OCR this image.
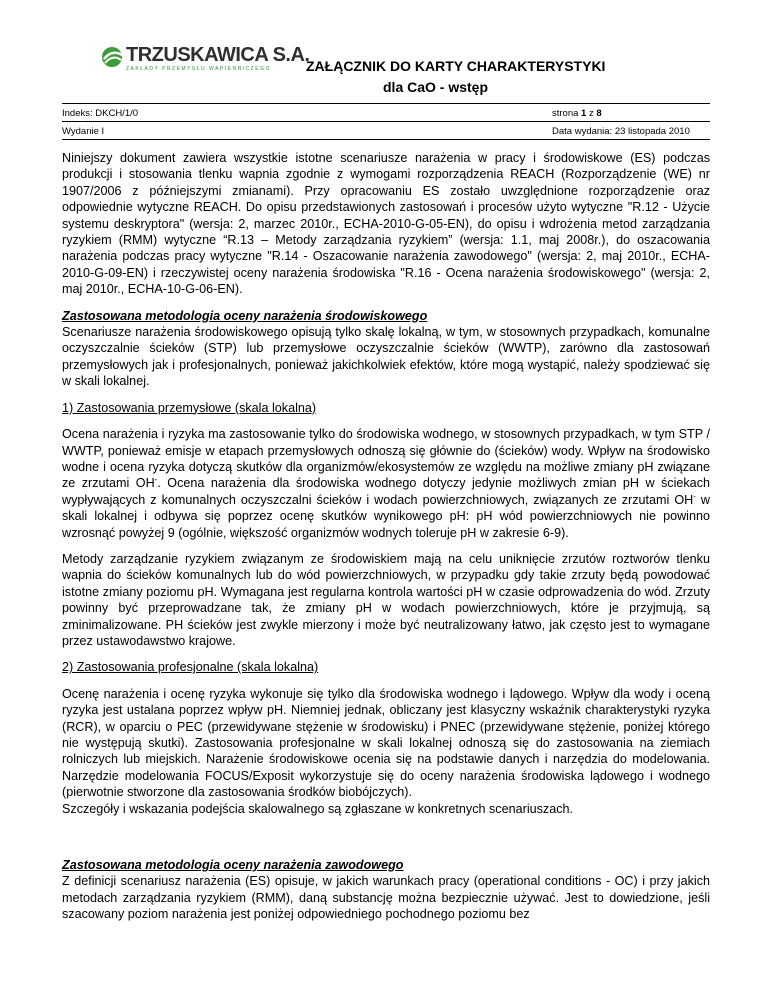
TRZUSKAWICA S.A.
ZAKŁADY PRZEMYSŁU WAPIENNICZEGO	ZAŁĄCZNIK DO KARTY CHARAKTERYSTYKI
dla CaO - wstęp
Indeks: DKCH/1/0	strona 1 z 8
Wydanie I	Data wydania: 23 listopada 2010

Niniejszy dokument zawiera wszystkie istotne scenariusze narażenia w pracy i środowiskowe (ES) podczas produkcji i stosowania tlenku wapnia zgodnie z wymogami rozporządzenia REACH (Rozporządzenie (WE) nr 1907/2006 z późniejszymi zmianami). Przy opracowaniu ES zostało uwzględnione rozporządzenie oraz odpowiednie wytyczne REACH. Do opisu przedstawionych zastosowań i procesów użyto wytyczne "R.12 - Użycie systemu deskryptora" (wersja: 2, marzec 2010r., ECHA-2010-G-05-EN), do opisu i wdrożenia metod zarządzania ryzykiem (RMM) wytyczne “R.13 – Metody zarządzania ryzykiem” (wersja: 1.1, maj 2008r.), do oszacowania narażenia podczas pracy wytyczne "R.14 - Oszacowanie narażenia zawodowego" (wersja: 2, maj 2010r., ECHA-2010-G-09-EN) i rzeczywistej oceny narażenia środowiska "R.16 - Ocena narażenia środowiskowego" (wersja: 2, maj 2010r., ECHA-10-G-06-EN).

Zastosowana metodologia oceny narażenia środowiskowego

Scenariusze narażenia środowiskowego opisują tylko skalę lokalną, w tym, w stosownych przypadkach, komunalne oczyszczalnie ścieków (STP) lub przemysłowe oczyszczalnie ścieków (WWTP), zarówno dla zastosowań przemysłowych jak i profesjonalnych, ponieważ jakichkolwiek efektów, które mogą wystąpić, należy spodziewać się w skali lokalnej.

1) Zastosowania przemysłowe (skala lokalna)

Ocena narażenia i ryzyka ma zastosowanie tylko do środowiska wodnego, w stosownych przypadkach, w tym STP / WWTP, ponieważ emisje w etapach przemysłowych odnoszą się głównie do (ścieków) wody. Wpływ na środowisko wodne i ocena ryzyka dotyczą skutków dla organizmów/ekosystemów ze względu na możliwe zmiany pH związane ze zrzutami OH-. Ocena narażenia dla środowiska wodnego dotyczy jedynie możliwych zmian pH w ściekach wypływających z komunalnych oczyszczalni ścieków i wodach powierzchniowych, związanych ze zrzutami OH- w skali lokalnej i odbywa się poprzez ocenę skutków wynikowego pH: pH wód powierzchniowych nie powinno wzrosnąć powyżej 9 (ogólnie, większość organizmów wodnych toleruje pH w zakresie 6-9).

Metody zarządzanie ryzykiem związanym ze środowiskiem mają na celu uniknięcie zrzutów roztworów tlenku wapnia do ścieków komunalnych lub do wód powierzchniowych, w przypadku gdy takie zrzuty będą powodować istotne zmiany poziomu pH. Wymagana jest regularna kontrola wartości pH w czasie odprowadzenia do wód. Zrzuty powinny być przeprowadzane tak, że zmiany pH w wodach powierzchniowych, które je przyjmują, są zminimalizowane. PH ścieków jest zwykle mierzony i może być neutralizowany łatwo, jak często jest to wymagane przez ustawodawstwo krajowe.

2) Zastosowania profesjonalne (skala lokalna)

Ocenę narażenia i ocenę ryzyka wykonuje się tylko dla środowiska wodnego i lądowego. Wpływ dla wody i oceną ryzyka jest ustalana poprzez wpływ pH. Niemniej jednak, obliczany jest klasyczny wskaźnik charakterystyki ryzyka (RCR), w oparciu o PEC (przewidywane stężenie w środowisku) i PNEC (przewidywane stężenie, poniżej którego nie występują skutki). Zastosowania profesjonalne w skali lokalnej odnoszą się do zastosowania na ziemiach rolniczych lub miejskich. Narażenie środowiskowe ocenia się na podstawie danych i narzędzia do modelowania. Narzędzie modelowania FOCUS/Exposit wykorzystuje się do oceny narażenia środowiska lądowego i wodnego (pierwotnie stworzone dla zastosowania środków biobójczych).

Szczegóły i wskazania podejścia skalowalnego są zgłaszane w konkretnych scenariuszach.

Zastosowana metodologia oceny narażenia zawodowego

Z definicji scenariusz narażenia (ES) opisuje, w jakich warunkach pracy (operational conditions - OC) i przy jakich metodach zarządzania ryzykiem (RMM), daną substancję można bezpiecznie używać. Jest to dowiedzione, jeśli szacowany poziom narażenia jest poniżej odpowiedniego pochodnego poziomu bez
